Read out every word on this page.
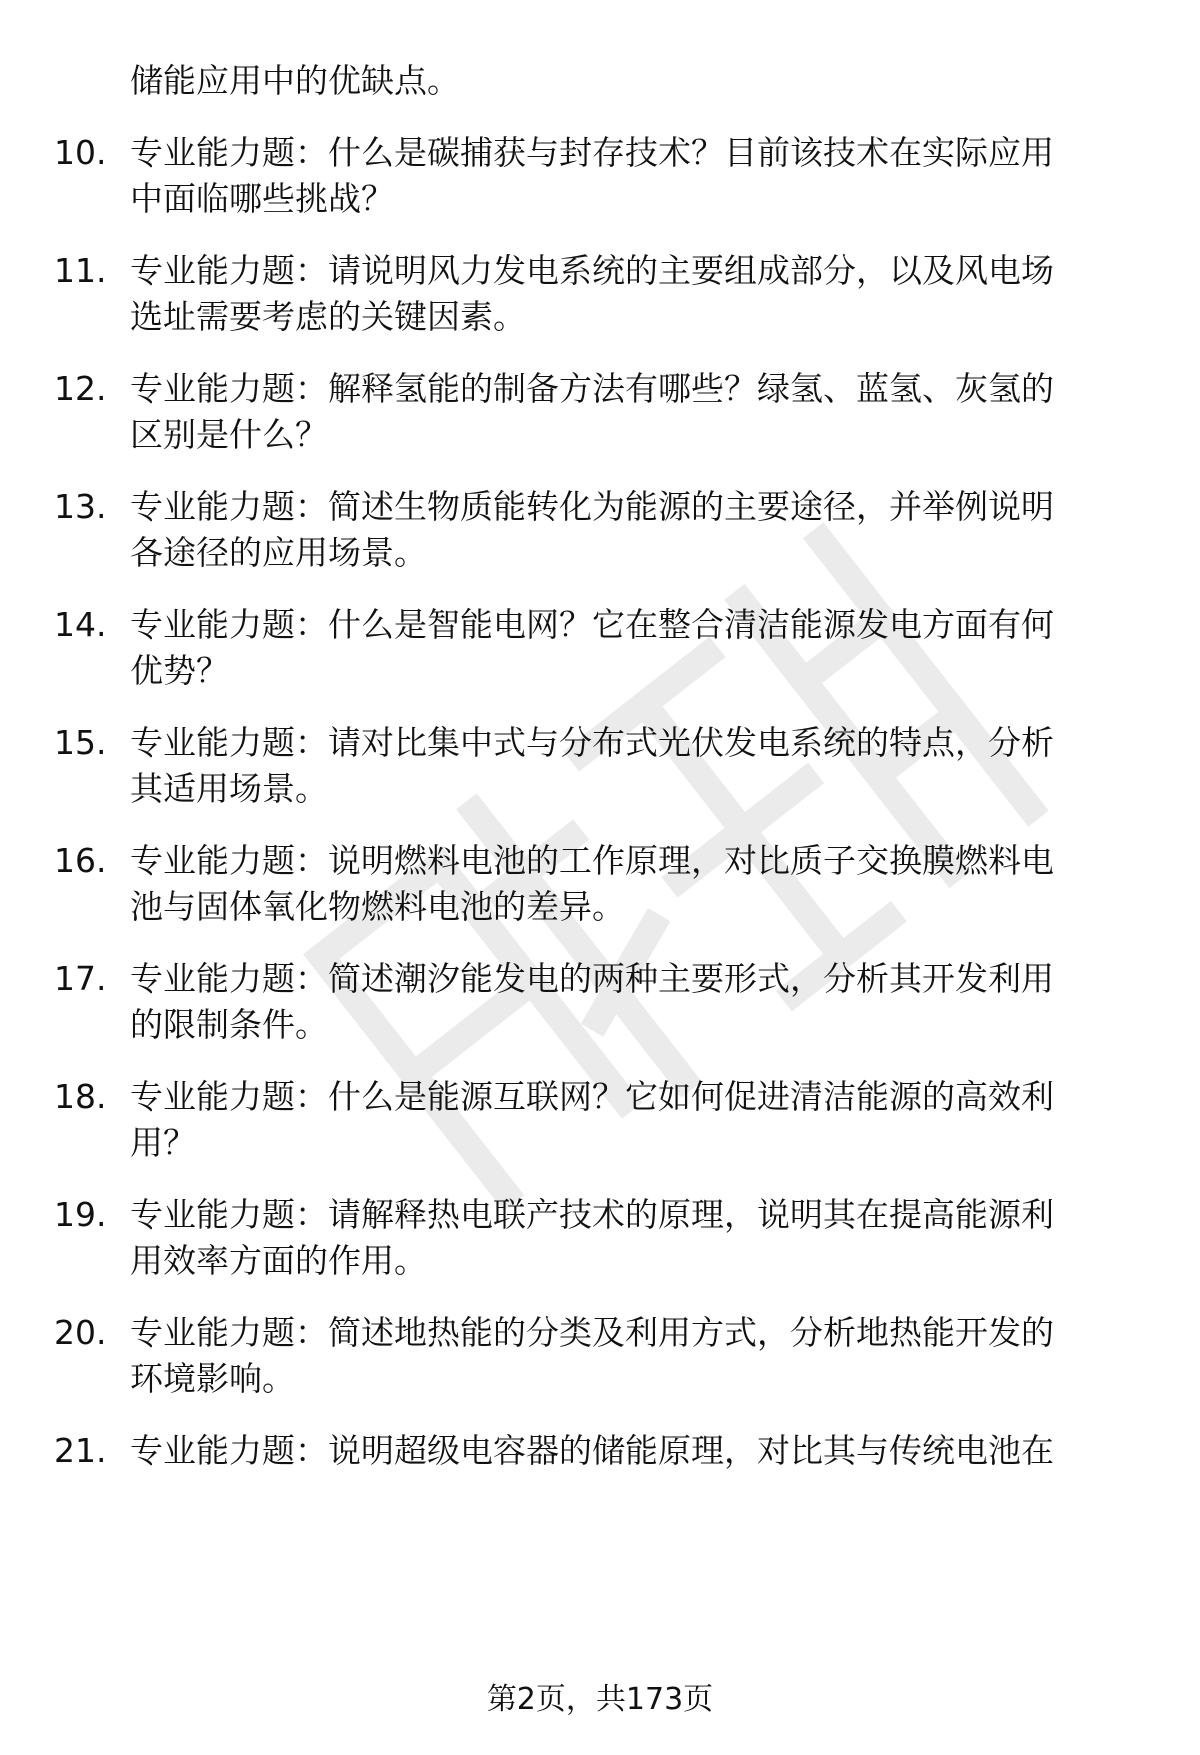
储能应用中的优缺点。
10. 专业能力题：什么是碳捕获与封存技术？目前该技术在实际应用
中面临哪些挑战？
11. 专业能力题：请说明风力发电系统的主要组成部分，以及风电场
选址需要考虑的关键因素。
12. 专业能力题：解释氢能的制备方法有哪些？绿氢、蓝氢、灰氢的
区别是什么？
13. 专业能力题：简述生物质能转化为能源的主要途径，并举例说明
各途径的应用场景。
14. 专业能力题：什么是智能电网？它在整合清洁能源发电方面有何
优势？
15. 专业能力题：请对比集中式与分布式光伏发电系统的特点，分析
其适用场景。
16. 专业能力题：说明燃料电池的工作原理，对比质子交换膜燃料电
池与固体氧化物燃料电池的差异。
17. 专业能力题：简述潮汐能发电的两种主要形式，分析其开发利用
的限制条件。
18. 专业能力题：什么是能源互联网？它如何促进清洁能源的高效利
用？
19. 专业能力题：请解释热电联产技术的原理，说明其在提高能源利
用效率方面的作用。
20. 专业能力题：简述地热能的分类及利用方式，分析地热能开发的
环境影响。
21. 专业能力题：说明超级电容器的储能原理，对比其与传统电池在
第2页，共173页
